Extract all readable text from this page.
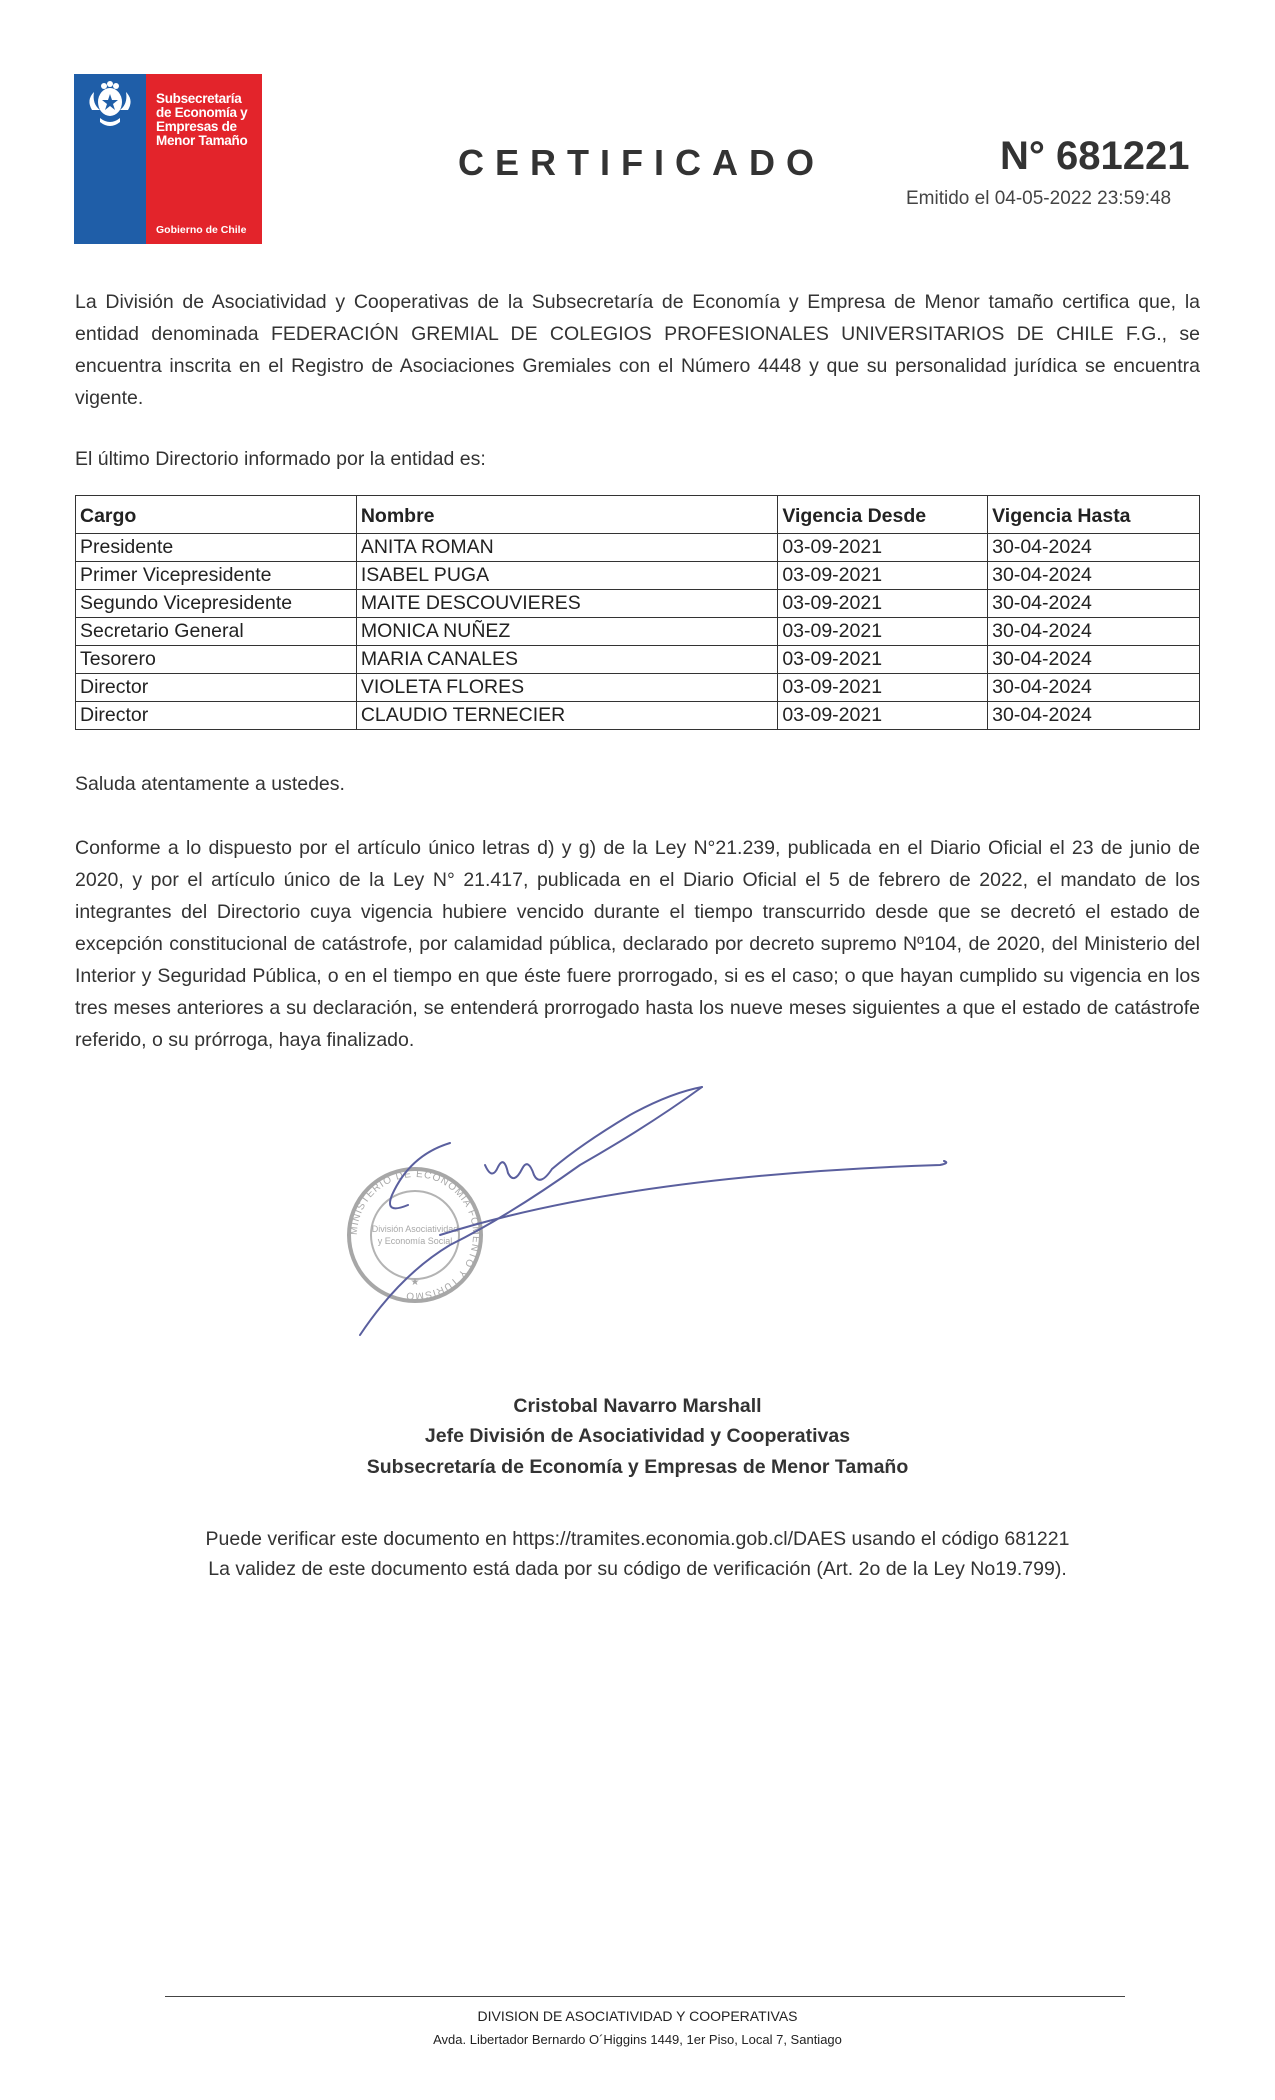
Subsecretaría
de Economía y
Empresas de
Menor Tamaño
Gobierno de Chile
CERTIFICADO	N° 681221
Emitido el 04-05-2022 23:59:48
La División de Asociatividad y Cooperativas de la Subsecretaría de Economía y Empresa de Menor tamaño certifica que, la entidad denominada FEDERACIÓN GREMIAL DE COLEGIOS PROFESIONALES UNIVERSITARIOS DE CHILE F.G., se encuentra inscrita en el Registro de Asociaciones Gremiales con el Número 4448 y que su personalidad jurídica se encuentra vigente.
El último Directorio informado por la entidad es:
Cargo	Nombre	Vigencia Desde	Vigencia Hasta
Presidente	ANITA ROMAN	03-09-2021	30-04-2024
Primer Vicepresidente	ISABEL PUGA	03-09-2021	30-04-2024
Segundo Vicepresidente	MAITE DESCOUVIERES	03-09-2021	30-04-2024
Secretario General	MONICA NUÑEZ	03-09-2021	30-04-2024
Tesorero	MARIA CANALES	03-09-2021	30-04-2024
Director	VIOLETA FLORES	03-09-2021	30-04-2024
Director	CLAUDIO TERNECIER	03-09-2021	30-04-2024
Saluda atentamente a ustedes.
Conforme a lo dispuesto por el artículo único letras d) y g) de la Ley N°21.239, publicada en el Diario Oficial el 23 de junio de 2020, y por el artículo único de la Ley N° 21.417, publicada en el Diario Oficial el 5 de febrero de 2022, el mandato de los integrantes del Directorio cuya vigencia hubiere vencido durante el tiempo transcurrido desde que se decretó el estado de excepción constitucional de catástrofe, por calamidad pública, declarado por decreto supremo Nº104, de 2020, del Ministerio del Interior y Seguridad Pública, o en el tiempo en que éste fuere prorrogado, si es el caso; o que hayan cumplido su vigencia en los tres meses anteriores a su declaración, se entenderá prorrogado hasta los nueve meses siguientes a que el estado de catástrofe referido, o su prórroga, haya finalizado.
MINISTERIO DE ECONOMÍA FOMENTO Y TURISMO
División Asociatividad
y Economía Social
★
Cristobal Navarro Marshall
Jefe División de Asociatividad y Cooperativas
Subsecretaría de Economía y Empresas de Menor Tamaño
Puede verificar este documento en https://tramites.economia.gob.cl/DAES usando el código 681221
La validez de este documento está dada por su código de verificación (Art. 2o de la Ley No19.799).
DIVISION DE ASOCIATIVIDAD Y COOPERATIVAS
Avda. Libertador Bernardo O´Higgins 1449, 1er Piso, Local 7, Santiago
